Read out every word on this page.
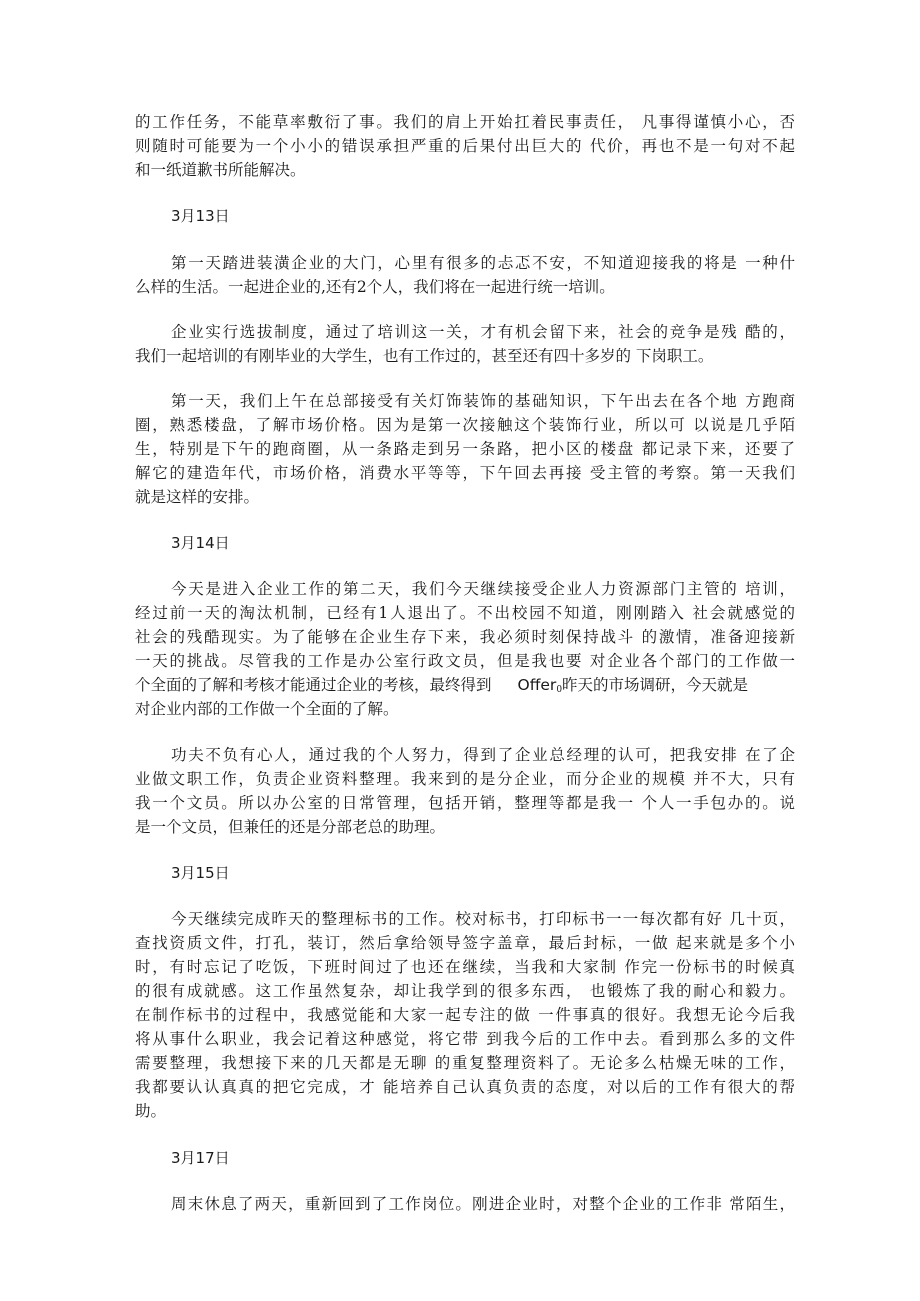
的工作任务，不能草率敷衍了事。我们的肩上开始扛着民事责任， 凡事得谨慎小心，否
则随时可能要为一个小小的错误承担严重的后果付出巨大的 代价，再也不是一句对不起
和一纸道歉书所能解决。
3月13日
第一天踏进装潢企业的大门，心里有很多的忐忑不安，不知道迎接我的将是 一种什
么样的生活。一起进企业的,还有2个人，我们将在一起进行统一培训。
企业实行选拔制度，通过了培训这一关，才有机会留下来，社会的竞争是残 酷的，
我们一起培训的有刚毕业的大学生，也有工作过的，甚至还有四十多岁的 下岗职工。
第一天，我们上午在总部接受有关灯饰装饰的基础知识，下午出去在各个地 方跑商
圈，熟悉楼盘，了解市场价格。因为是第一次接触这个装饰行业，所以可 以说是几乎陌
生，特别是下午的跑商圈，从一条路走到另一条路，把小区的楼盘 都记录下来，还要了
解它的建造年代，市场价格，消费水平等等，下午回去再接 受主管的考察。第一天我们
就是这样的安排。
3月14日
今天是进入企业工作的第二天，我们今天继续接受企业人力资源部门主管的 培训，
经过前一天的淘汰机制，已经有1人退出了。不出校园不知道，刚刚踏入 社会就感觉的
社会的残酷现实。为了能够在企业生存下来，我必须时刻保持战斗 的激情，准备迎接新
一天的挑战。尽管我的工作是办公室行政文员，但是我也要 对企业各个部门的工作做一
个全面的了解和考核才能通过企业的考核，最终得到 Offer$_0$昨天的市场调研，今天就是
对企业内部的工作做一个全面的了解。
功夫不负有心人，通过我的个人努力，得到了企业总经理的认可，把我安排 在了企
业做文职工作，负责企业资料整理。我来到的是分企业，而分企业的规模 并不大，只有
我一个文员。所以办公室的日常管理，包括开销，整理等都是我一 个人一手包办的。说
是一个文员，但兼任的还是分部老总的助理。
3月15日
今天继续完成昨天的整理标书的工作。校对标书，打印标书一一每次都有好 几十页，
查找资质文件，打孔，装订，然后拿给领导签字盖章，最后封标，一做 起来就是多个小
时，有时忘记了吃饭，下班时间过了也还在继续，当我和大家制 作完一份标书的时候真
的很有成就感。这工作虽然复杂，却让我学到的很多东西， 也锻炼了我的耐心和毅力。
在制作标书的过程中，我感觉能和大家一起专注的做 一件事真的很好。我想无论今后我
将从事什么职业，我会记着这种感觉，将它带 到我今后的工作中去。看到那么多的文件
需要整理，我想接下来的几天都是无聊 的重复整理资料了。无论多么枯燥无味的工作，
我都要认认真真的把它完成，才 能培养自己认真负责的态度，对以后的工作有很大的帮
助。
3月17日
周末休息了两天，重新回到了工作岗位。刚进企业时，对整个企业的工作非 常陌生，
